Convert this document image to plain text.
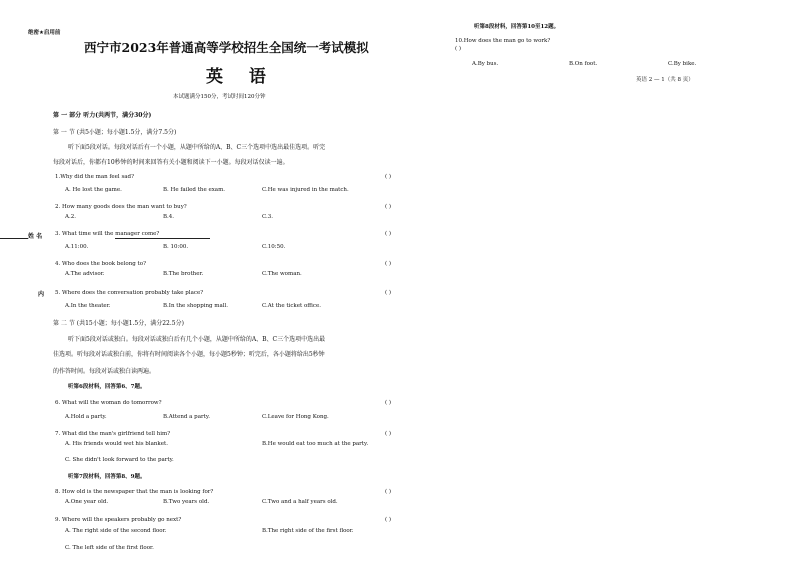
绝密★启用前
西宁市2023年普通高等学校招生全国统一考试模拟
英 语
本试题满分150分，考试时间120分钟
姓 名
内
第 一 部分 听力(共两节，满分30分)
第 一 节 (共5小题；每小题1.5分，满分7.5分)
听下面5段对话。每段对话后有一个小题，从题中所给的A、B、C三个选项中选出最佳选项。听完
每段对话后，你都有10秒钟的时间来回答有关小题和阅读下一小题。每段对话仅读一遍。
1.Why did the man feel sad?	( )
A. He lost the game.	B. He failed the exam.	C.He was injured in the match.
2. How many goods does the man want to buy?	( )
A.2.	B.4.	C.3.
3. What time will the manager come?	( )
A.11:00.	B. 10:00.	C.10:50.
4. Who does the book belong to?	( )
A.The advisor.	B.The brother.	C.The woman.
5. Where does the conversation probably take place?	( )
A.In the theater.	B.In the shopping mall.	C.At the ticket office.
第 二 节 (共15小题；每小题1.5分，满分22.5分)
听下面5段对话或独白。每段对话或独白后有几个小题，从题中所给的A、B、C三个选项中选出最
佳选项。听每段对话或独白前，你将有时间阅读各个小题，每小题5秒钟；听完后，各小题将给出5秒钟
的作答时间。每段对话或独白读两遍。
听第6段材料，回答第6、7题。
6. What will the woman do tomorrow?	( )
A.Hold a party.	B.Attend a party.	C.Leave for Hong Kong.
7. What did the man's girlfriend tell him?	( )
A. His friends would wet his blanket.	B.He would eat too much at the party.
C. She didn't look forward to the party.
听第7段材料，回答第8、9题。
8. How old is the newspaper that the man is looking for?	( )
A.One year old.	B.Two years old.	C.Two and a half years old.
9. Where will the speakers probably go next?	( )
A. The right side of the second floor.	B.The right side of the first floor.
C. The left side of the first floor.
听第8段材料，回答第10至12题。
10.How does the man go to work?
( )
A.By bus.	B.On foot.	C.By bike.
英语 2 — 1（共 8 页）
